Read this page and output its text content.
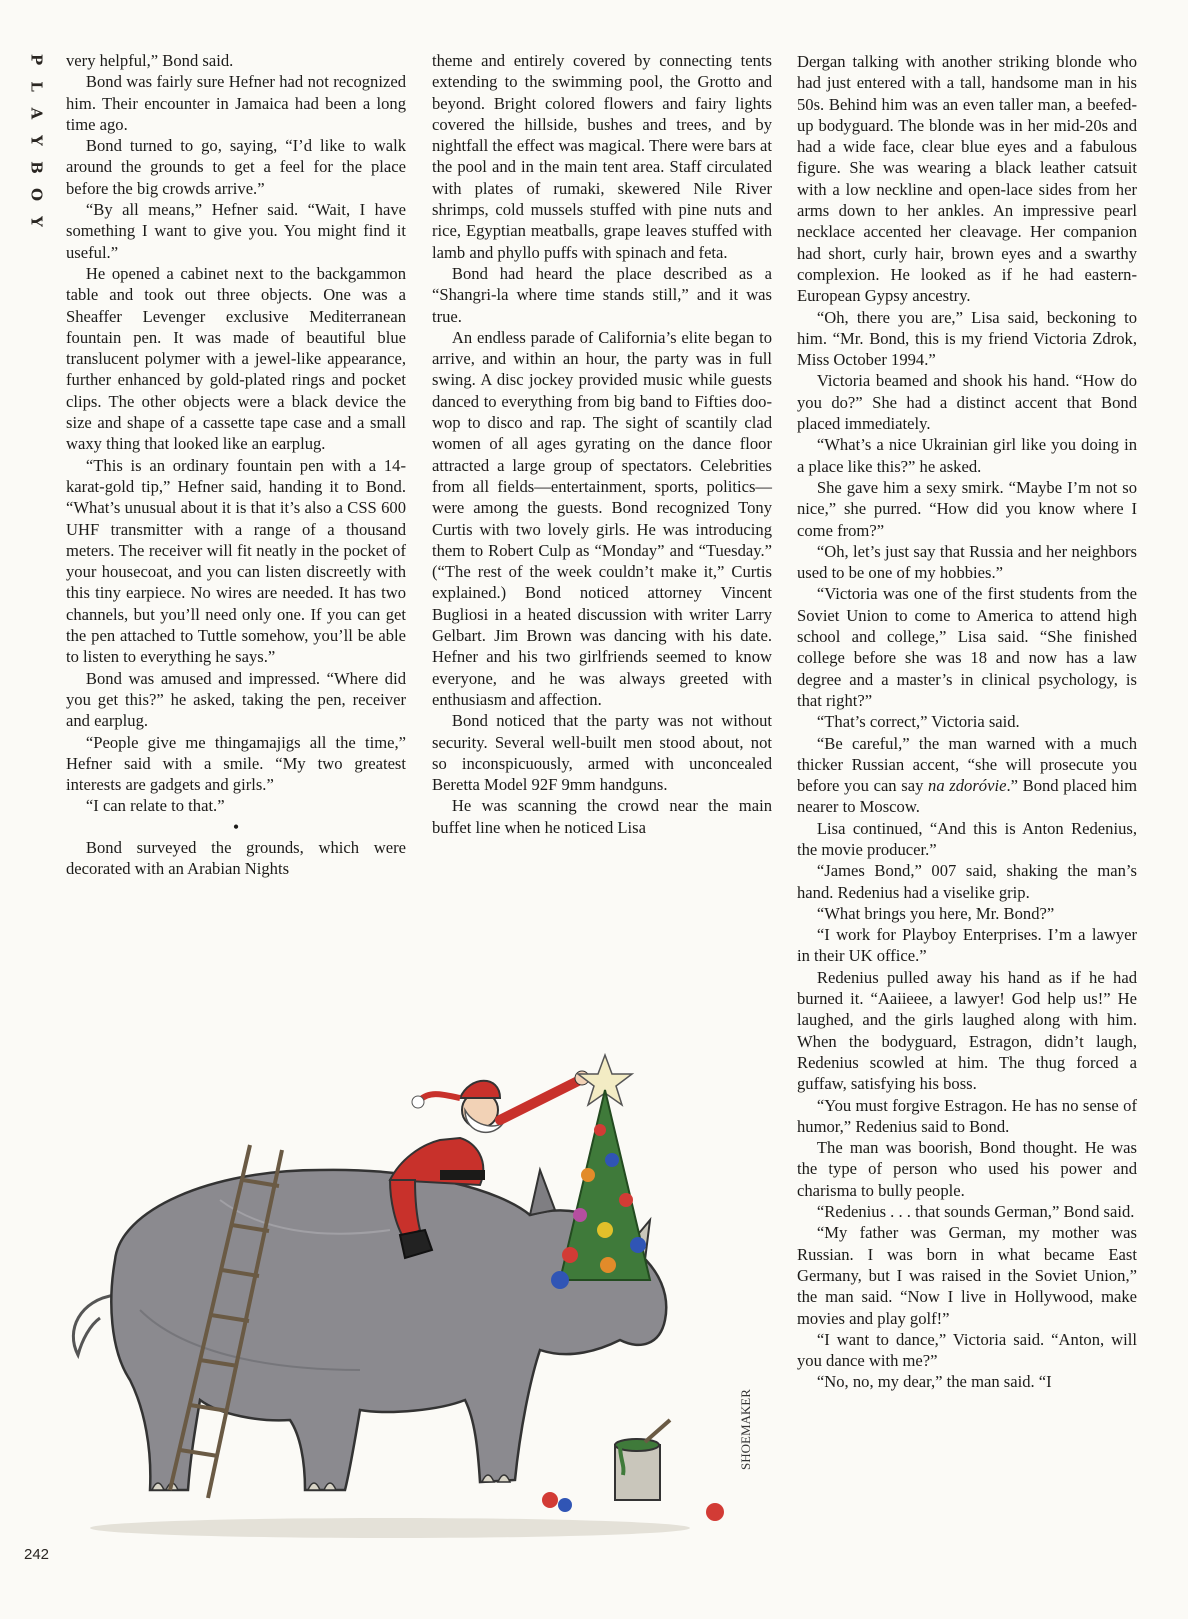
P
L
A
Y
B
O
Y

very helpful,” Bond said.

Bond was fairly sure Hefner had not recognized him. Their encounter in Jamaica had been a long time ago.

Bond turned to go, saying, “I’d like to walk around the grounds to get a feel for the place before the big crowds arrive.”

“By all means,” Hefner said. “Wait, I have something I want to give you. You might find it useful.”

He opened a cabinet next to the backgammon table and took out three objects. One was a Sheaffer Levenger exclusive Mediterranean fountain pen. It was made of beautiful blue translucent polymer with a jewel-like appearance, further enhanced by gold-plated rings and pocket clips. The other objects were a black device the size and shape of a cassette tape case and a small waxy thing that looked like an earplug.

“This is an ordinary fountain pen with a 14-karat-gold tip,” Hefner said, handing it to Bond. “What’s unusual about it is that it’s also a CSS 600 UHF transmitter with a range of a thousand meters. The receiver will fit neatly in the pocket of your housecoat, and you can listen discreetly with this tiny earpiece. No wires are needed. It has two channels, but you’ll need only one. If you can get the pen attached to Tuttle somehow, you’ll be able to listen to everything he says.”

Bond was amused and impressed. “Where did you get this?” he asked, taking the pen, receiver and earplug.

“People give me thingamajigs all the time,” Hefner said with a smile. “My two greatest interests are gadgets and girls.”

“I can relate to that.”

•

Bond surveyed the grounds, which were decorated with an Arabian Nights

theme and entirely covered by connecting tents extending to the swimming pool, the Grotto and beyond. Bright colored flowers and fairy lights covered the hillside, bushes and trees, and by nightfall the effect was magical. There were bars at the pool and in the main tent area. Staff circulated with plates of rumaki, skewered Nile River shrimps, cold mussels stuffed with pine nuts and rice, Egyptian meatballs, grape leaves stuffed with lamb and phyllo puffs with spinach and feta.

Bond had heard the place described as a “Shangri-la where time stands still,” and it was true.

An endless parade of California’s elite began to arrive, and within an hour, the party was in full swing. A disc jockey provided music while guests danced to everything from big band to Fifties doo-wop to disco and rap. The sight of scantily clad women of all ages gyrating on the dance floor attracted a large group of spectators. Celebrities from all fields—entertainment, sports, politics—were among the guests. Bond recognized Tony Curtis with two lovely girls. He was introducing them to Robert Culp as “Monday” and “Tuesday.” (“The rest of the week couldn’t make it,” Curtis explained.) Bond noticed attorney Vincent Bugliosi in a heated discussion with writer Larry Gelbart. Jim Brown was dancing with his date. Hefner and his two girlfriends seemed to know everyone, and he was always greeted with enthusiasm and affection.

Bond noticed that the party was not without security. Several well-built men stood about, not so inconspicuously, armed with unconcealed Beretta Model 92F 9mm handguns.

He was scanning the crowd near the main buffet line when he noticed Lisa

Dergan talking with another striking blonde who had just entered with a tall, handsome man in his 50s. Behind him was an even taller man, a beefed-up bodyguard. The blonde was in her mid-20s and had a wide face, clear blue eyes and a fabulous figure. She was wearing a black leather catsuit with a low neckline and open-lace sides from her arms down to her ankles. An impressive pearl necklace accented her cleavage. Her companion had short, curly hair, brown eyes and a swarthy complexion. He looked as if he had eastern-European Gypsy ancestry.

“Oh, there you are,” Lisa said, beckoning to him. “Mr. Bond, this is my friend Victoria Zdrok, Miss October 1994.”

Victoria beamed and shook his hand. “How do you do?” She had a distinct accent that Bond placed immediately.

“What’s a nice Ukrainian girl like you doing in a place like this?” he asked.

She gave him a sexy smirk. “Maybe I’m not so nice,” she purred. “How did you know where I come from?”

“Oh, let’s just say that Russia and her neighbors used to be one of my hobbies.”

“Victoria was one of the first students from the Soviet Union to come to America to attend high school and college,” Lisa said. “She finished college before she was 18 and now has a law degree and a master’s in clinical psychology, is that right?”

“That’s correct,” Victoria said.

“Be careful,” the man warned with a much thicker Russian accent, “she will prosecute you before you can say na zdoróvie.” Bond placed him nearer to Moscow.

Lisa continued, “And this is Anton Redenius, the movie producer.”

“James Bond,” 007 said, shaking the man’s hand. Redenius had a viselike grip.

“What brings you here, Mr. Bond?”

“I work for Playboy Enterprises. I’m a lawyer in their UK office.”

Redenius pulled away his hand as if he had burned it. “Aaiieee, a lawyer! God help us!” He laughed, and the girls laughed along with him. When the bodyguard, Estragon, didn’t laugh, Redenius scowled at him. The thug forced a guffaw, satisfying his boss.

“You must forgive Estragon. He has no sense of humor,” Redenius said to Bond.

The man was boorish, Bond thought. He was the type of person who used his power and charisma to bully people.

“Redenius . . . that sounds German,” Bond said.

“My father was German, my mother was Russian. I was born in what became East Germany, but I was raised in the Soviet Union,” the man said. “Now I live in Hollywood, make movies and play golf!”

“I want to dance,” Victoria said. “Anton, will you dance with me?”

“No, no, my dear,” the man said. “I

SHOEMAKER
242
